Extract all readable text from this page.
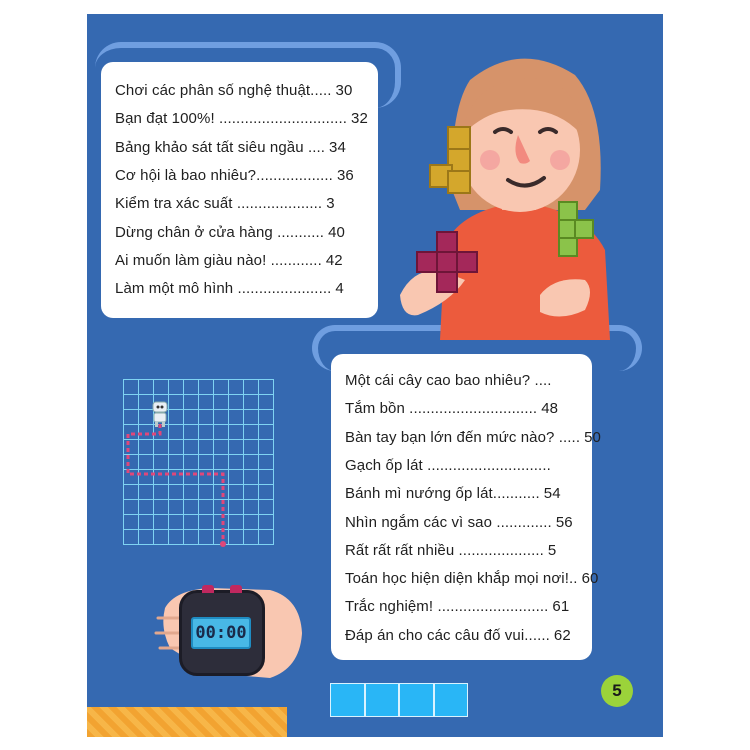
Chơi các phân số nghệ thuật..... 30
Bạn đạt 100%! .............................. 32
Bảng khảo sát tất siêu ngầu .... 34
Cơ hội là bao nhiêu?.................. 36
Kiểm tra xác suất .................... 3
Dừng chân ở cửa hàng ........... 40
Ai muốn làm giàu nào! ............ 42
Làm một mô hình ...................... 4
Một cái cây cao bao nhiêu? ....
Tắm bồn .............................. 48
Bàn tay bạn lớn đến mức nào? ..... 50
Gạch ốp lát .............................
Bánh mì nướng ốp lát........... 54
Nhìn ngắm các vì sao ............. 56
Rất rất rất nhiều .................... 5
Toán học hiện diện khắp mọi nơi!.. 60
Trắc nghiệm! .......................... 61
Đáp án cho các câu đố vui...... 62
00:00
5
